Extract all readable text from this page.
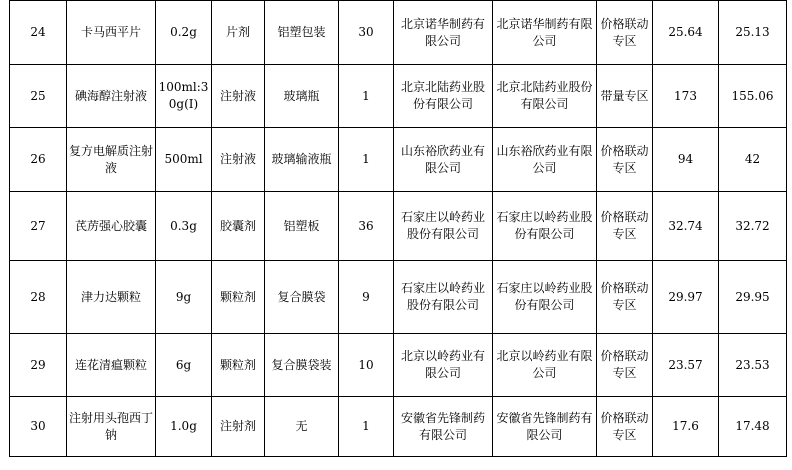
24	卡马西平片	0.2g	片剂	铝塑包装	30	北京诺华制药有限公司	北京诺华制药有限公司	价格联动专区	25.64	25.13
25	碘海醇注射液	100ml:30g(Ⅰ)	注射液	玻璃瓶	1	北京北陆药业股份有限公司	北京北陆药业股份有限公司	带量专区	173	155.06
26	复方电解质注射液	500ml	注射液	玻璃输液瓶	1	山东裕欣药业有限公司	山东裕欣药业有限公司	价格联动专区	94	42
27	芪苈强心胶囊	0.3g	胶囊剂	铝塑板	36	石家庄以岭药业股份有限公司	石家庄以岭药业股份有限公司	价格联动专区	32.74	32.72
28	津力达颗粒	9g	颗粒剂	复合膜袋	9	石家庄以岭药业股份有限公司	石家庄以岭药业股份有限公司	价格联动专区	29.97	29.95
29	连花清瘟颗粒	6g	颗粒剂	复合膜袋装	10	北京以岭药业有限公司	北京以岭药业有限公司	价格联动专区	23.57	23.53
30	注射用头孢西丁钠	1.0g	注射剂	无	1	安徽省先锋制药有限公司	安徽省先锋制药有限公司	价格联动专区	17.6	17.48
